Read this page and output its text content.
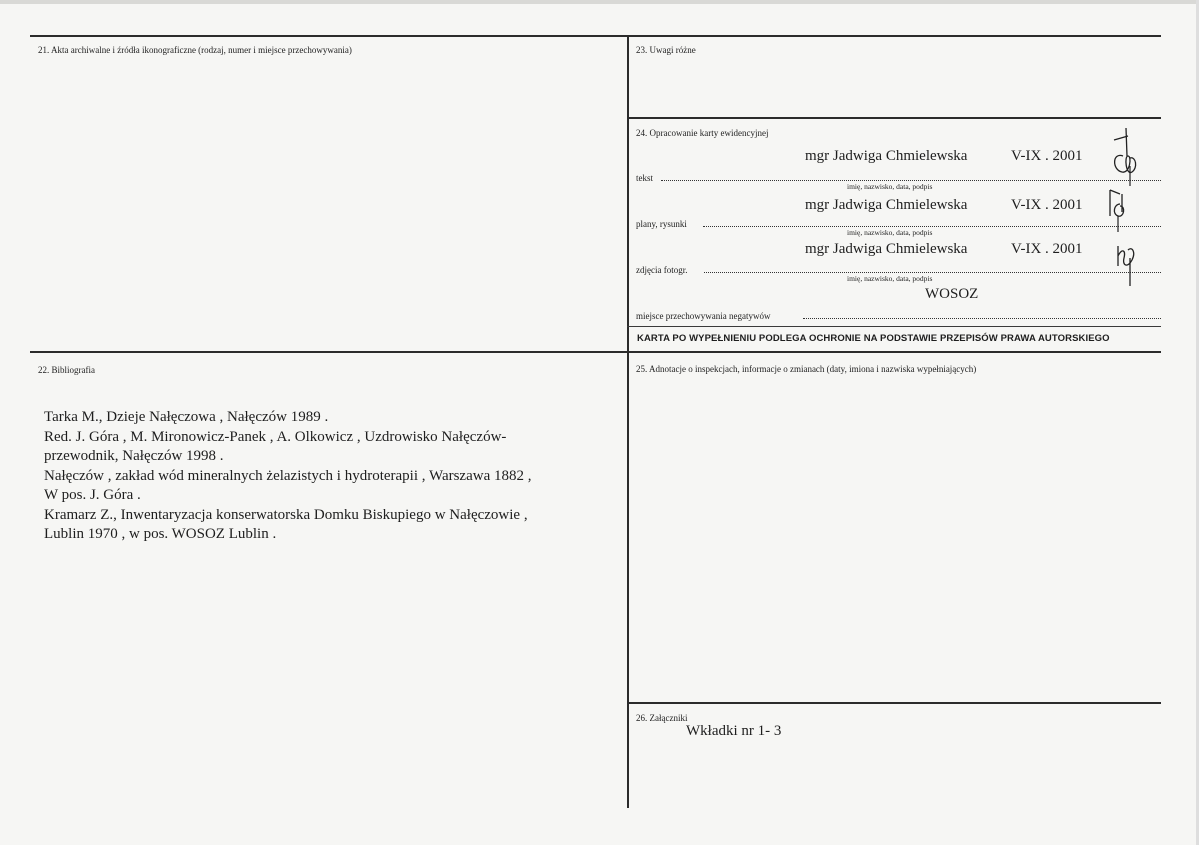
21. Akta archiwalne i źródła ikonograficzne (rodzaj, numer i miejsce przechowywania)
22. Bibliografia
Tarka M., Dzieje Nałęczowa , Nałęczów 1989 .
Red. J. Góra , M. Mironowicz-Panek , A. Olkowicz , Uzdrowisko Nałęczów-
przewodnik, Nałęczów 1998 .
Nałęczów , zakład wód mineralnych żelazistych i hydroterapii , Warszawa 1882 ,
W pos. J. Góra .
Kramarz Z., Inwentaryzacja konserwatorska Domku Biskupiego w Nałęczowie ,
Lublin 1970 , w pos. WOSOZ Lublin .
23. Uwagi różne
24. Opracowanie karty ewidencyjnej
mgr Jadwiga Chmielewska	V-IX . 2001
tekst
imię, nazwisko, data, podpis
mgr Jadwiga Chmielewska	V-IX . 2001
plany, rysunki
imię, nazwisko, data, podpis
mgr Jadwiga Chmielewska	V-IX . 2001
zdjęcia fotogr.
imię, nazwisko, data, podpis
WOSOZ
miejsce przechowywania negatywów
KARTA PO WYPEŁNIENIU PODLEGA OCHRONIE NA PODSTAWIE PRZEPISÓW PRAWA AUTORSKIEGO
25. Adnotacje o inspekcjach, informacje o zmianach (daty, imiona i nazwiska wypełniających)
26. Załączniki
Wkładki nr 1- 3
